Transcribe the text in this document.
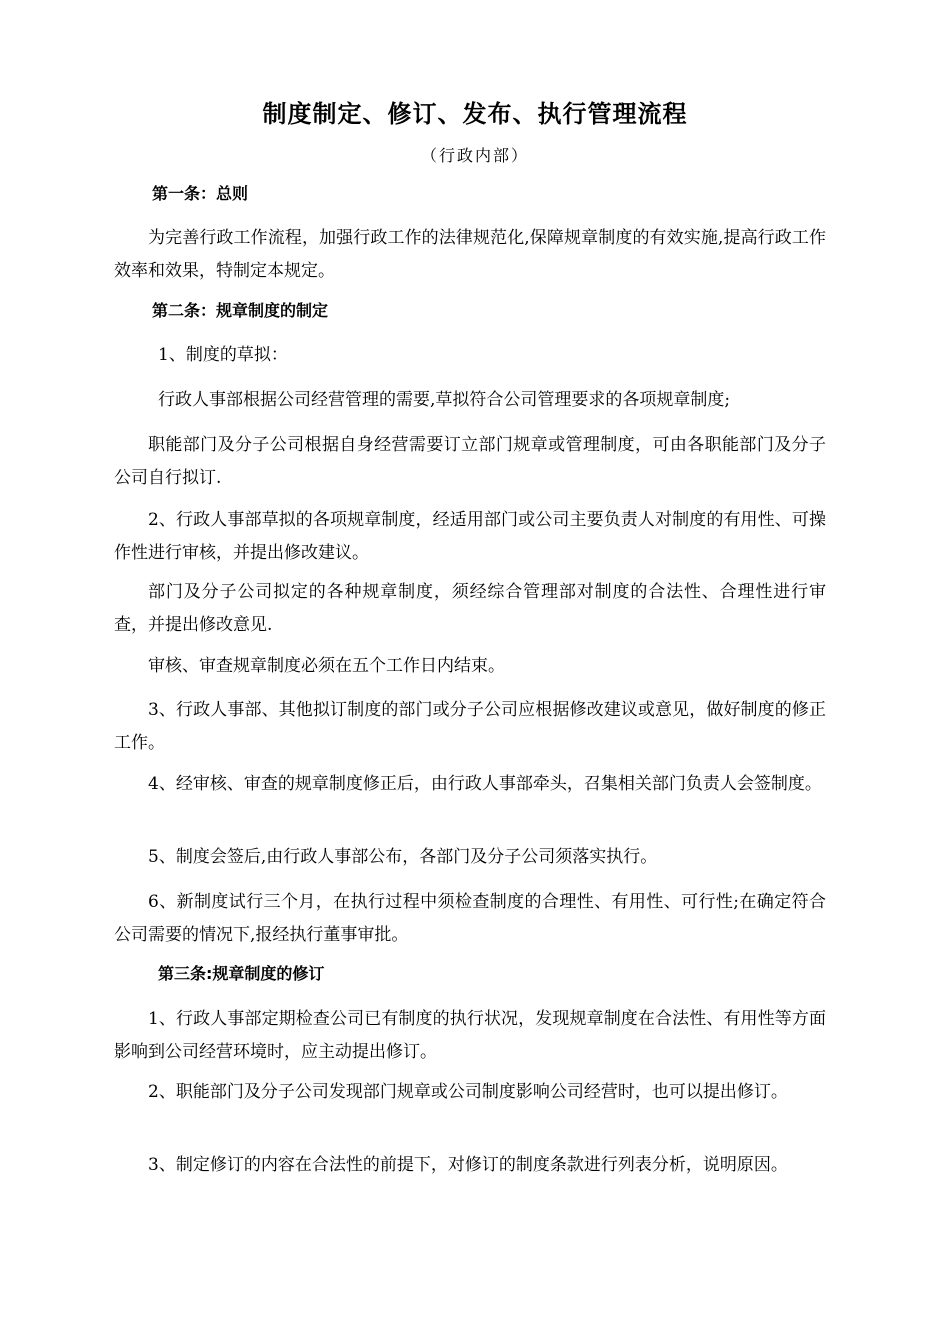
制度制定、修订、发布、执行管理流程
（行政内部）
第一条：总则

为完善行政工作流程，加强行政工作的法律规范化,保障规章制度的有效实施,提高行政工作效率和效果，特制定本规定。

第二条：规章制度的制定

1、制度的草拟：

行政人事部根据公司经营管理的需要,草拟符合公司管理要求的各项规章制度;

职能部门及分子公司根据自身经营需要订立部门规章或管理制度，可由各职能部门及分子公司自行拟订.

2、行政人事部草拟的各项规章制度，经适用部门或公司主要负责人对制度的有用性、可操作性进行审核，并提出修改建议。

部门及分子公司拟定的各种规章制度，须经综合管理部对制度的合法性、合理性进行审查，并提出修改意见.

审核、审查规章制度必须在五个工作日内结束。

3、行政人事部、其他拟订制度的部门或分子公司应根据修改建议或意见，做好制度的修正工作。

4、经审核、审查的规章制度修正后，由行政人事部牵头，召集相关部门负责人会签制度。

5、制度会签后,由行政人事部公布，各部门及分子公司须落实执行。

6、新制度试行三个月，在执行过程中须检查制度的合理性、有用性、可行性;在确定符合公司需要的情况下,报经执行董事审批。

第三条:规章制度的修订

1、行政人事部定期检查公司已有制度的执行状况，发现规章制度在合法性、有用性等方面影响到公司经营环境时，应主动提出修订。

2、职能部门及分子公司发现部门规章或公司制度影响公司经营时，也可以提出修订。

3、制定修订的内容在合法性的前提下，对修订的制度条款进行列表分析，说明原因。
